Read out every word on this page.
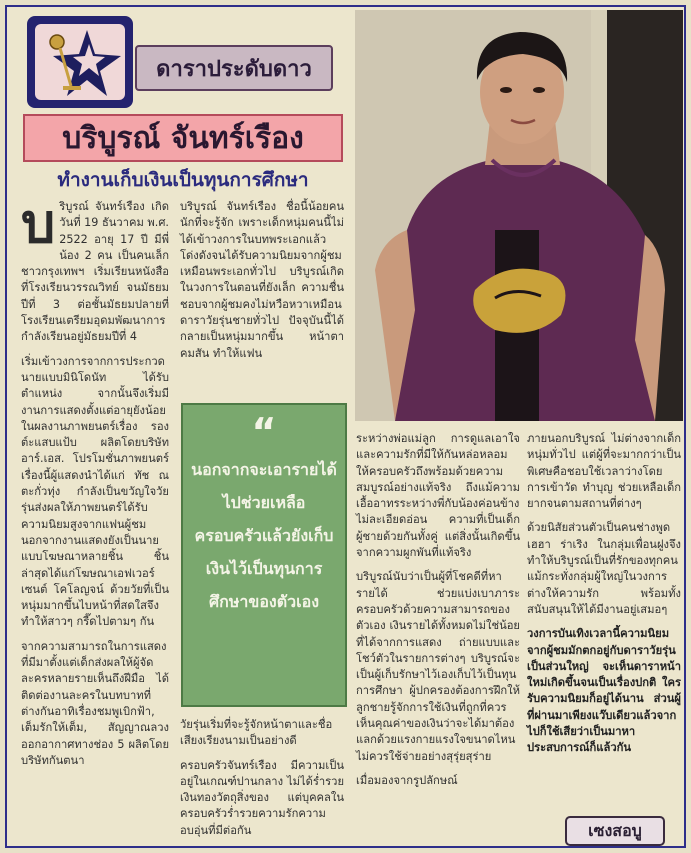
ดาราประดับดาว
บริบูรณ์ จันทร์เรือง
ทำงานเก็บเงินเป็นทุนการศึกษา

บริบูรณ์ จันทร์เรือง เกิดวันที่ 19 ธันวาคม พ.ศ. 2522 อายุ 17 ปี มีพี่น้อง 2 คน เป็นคนเล็ก ชาวกรุงเทพฯ เริ่มเรียนหนังสือที่โรงเรียนวรรณวิทย์ จนมัธยมปีที่ 3 ต่อชั้นมัธยมปลายที่โรงเรียนเตรียมอุดมพัฒนาการ กำลังเรียนอยู่มัธยมปีที่ 4

เริ่มเข้าวงการจากการประกวดนายแบบมินิโดนัท ได้รับตำแหน่ง จากนั้นจึงเริ่มมีงานการแสดงตั้งแต่อายุยังน้อย ในผลงานภาพยนตร์เรื่อง รองต์ะแสบแป้บ ผลิตโดยบริษัท อาร์.เอส. โปรโมชั่นภาพยนตร์เรื่องนี้ผู้แสดงนำได้แก่ ทัช ณ ตะกั่วทุ่ง กำลังเป็นขวัญใจวัยรุ่นส่งผลให้ภาพยนตร์ได้รับความนิยมสูงจากแฟนผู้ชม นอกจากงานแสดงยังเป็นนายแบบโฆษณาหลายชิ้น ชิ้นล่าสุดได้แก่โฆษณาเอฟเวอร์เซนต์ โคโลญจน์ ด้วยวัยที่เป็นหนุ่มมากขึ้นไบหน้าที่สดใสจึงทำให้สาวๆ กรี๊ดไปตามๆ กัน

จากความสามารถในการแสดงที่มีมาตั้งแต่เด็กส่งผลให้ผู้จัดละครหลายรายเห็นถึงฝีมือ ได้ติดต่องานละครในบทบาทที่ต่างกันอาทิเรื่องชมพูเบิกฟ้า, เต็มรักให้เต็ม, สัญญาณลวง ออกอากาศทางช่อง 5 ผลิตโดยบริษัทกันตนา

บริบูรณ์ จันทร์เรือง ชื่อนี้น้อยคนนักที่จะรู้จัก เพราะเด็กหนุ่มคนนี้ไม่ได้เข้าวงการในบทพระเอกแล้วโด่งดังจนได้รับความนิยมจากผู้ชม เหมือนพระเอกทั่วไป บริบูรณ์เกิดในวงการในตอนที่ยังเล็ก ความชื่นชอบจากผู้ชมคงไม่หวือหวาเหมือนดาราวัยรุ่นชายทั่วไป ปัจจุบันนี้ได้กลายเป็นหนุ่มมากขึ้น หน้าตาคมสัน ทำให้แฟน

“
นอกจากจะเอารายได้ไปช่วยเหลือครอบครัวแล้วยังเก็บเงินไว้เป็นทุนการศึกษาของตัวเอง

วัยรุ่นเริ่มที่จะรู้จักหน้าตาและชื่อเสียงเรียงนามเป็นอย่างดี

ครอบครัวจันทร์เรือง มีความเป็นอยู่ในเกณฑ์ปานกลาง ไม่ได้ร่ำรวยเงินทองวัตถุสิ่งของ แต่บุคคลในครอบครัวร่ำรวยความรักความอบอุ่นที่มีต่อกัน

ระหว่างพ่อแม่ลูก การดูแลเอาใจและความรักที่มีให้กันหล่อหลอมให้ครอบครัวถึงพร้อมด้วยความสมบูรณ์อย่างแท้จริง ถึงแม้ความเอื้ออาทรระหว่างพี่กับน้องค่อนข้างไม่ละเอียดอ่อน ความที่เป็นเด็กผู้ชายด้วยกันทั้งคู่ แต่สิ่งนั้นเกิดขึ้นจากความผูกพันที่แท้จริง

บริบูรณ์นับว่าเป็นผู้ที่โชคดีที่หารายได้ ช่วยแบ่งเบาภาระครอบครัวด้วยความสามารถของตัวเอง เงินรายได้ทั้งหมดไม่ใช่น้อยที่ได้จากการแสดง ถ่ายแบบและโชว์ตัวในรายการต่างๆ บริบูรณ์จะเป็นผู้เก็บรักษาไว้เองเก็บไว้เป็นทุนการศึกษา ผู้ปกครองต้องการฝึกให้ลูกชายรู้จักการใช้เงินที่ถูกที่ควรเห็นคุณค่าของเงินว่าจะได้มาต้องแลกด้วยแรงกายแรงใจขนาดไหน ไม่ควรใช้จ่ายอย่างสุรุ่ยสุร่าย

เมื่อมองจากรูปลักษณ์

ภายนอกบริบูรณ์ ไม่ต่างจากเด็กหนุ่มทั่วไป แต่ผู้ที่จะมากกว่าเป็นพิเศษคือชอบใช้เวลาว่างโดยการเข้าวัด ทำบุญ ช่วยเหลือเด็กยากจนตามสถานที่ต่างๆ

ด้วยนิสัยส่วนตัวเป็นคนช่างพูด เฮฮา ร่าเริง ในกลุ่มเพื่อนฝูงจึงทำให้บริบูรณ์เป็นที่รักของทุกคน แม้กระทั่งกลุ่มผู้ใหญ่ในวงการต่างให้ความรัก พร้อมทั้งสนับสนุนให้ได้มีงานอยู่เสมอๆ

วงการบันเทิงเวลานี้ความนิยมจากผู้ชมมักตกอยู่กับดาราวัยรุ่นเป็นส่วนใหญ่ จะเห็นดาราหน้าใหม่เกิดขึ้นจนเป็นเรื่องปกติ ใครรับความนิยมก็อยู่ได้นาน ส่วนผู้ที่ผ่านมาเพียงแว๊บเดียวแล้วจากไปก็ใช้เสียว่าเป็นมาหาประสบการณ์ก็แล้วกัน

เซงสอบู
